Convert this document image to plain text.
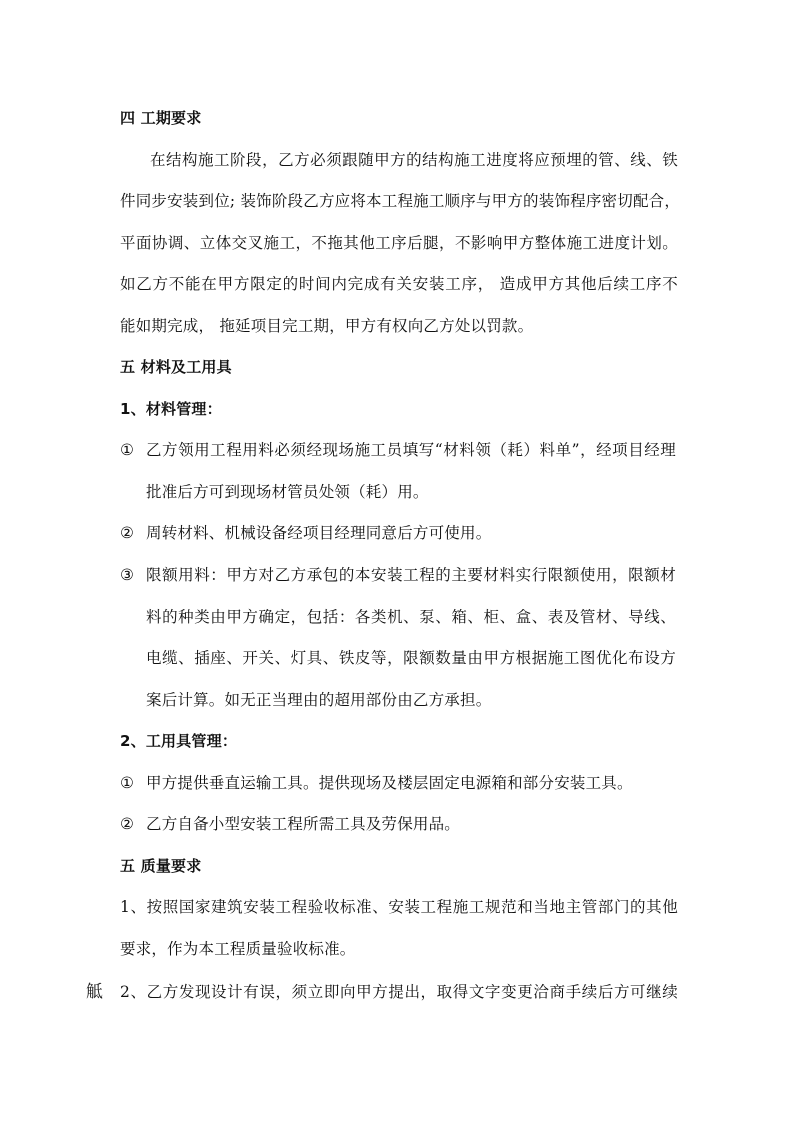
四 工期要求
在结构施工阶段，乙方必须跟随甲方的结构施工进度将应预埋的管、线、铁
件同步安装到位; 装饰阶段乙方应将本工程施工顺序与甲方的装饰程序密切配合，
平面协调、立体交叉施工，不拖其他工序后腿，不影响甲方整体施工进度计划。
如乙方不能在甲方限定的时间内完成有关安装工序， 造成甲方其他后续工序不
能如期完成， 拖延项目完工期，甲方有权向乙方处以罚款。
五 材料及工用具
1、材料管理：
① 乙方领用工程用料必须经现场施工员填写“材料领（耗）料单”，经项目经理
批准后方可到现场材管员处领（耗）用。
② 周转材料、机械设备经项目经理同意后方可使用。
③ 限额用料：甲方对乙方承包的本安装工程的主要材料实行限额使用，限额材
料的种类由甲方确定，包括：各类机、泵、箱、柜、盒、表及管材、导线、
电缆、插座、开关、灯具、铁皮等，限额数量由甲方根据施工图优化布设方
案后计算。如无正当理由的超用部份由乙方承担。
2、工用具管理：
① 甲方提供垂直运输工具。提供现场及楼层固定电源箱和部分安装工具。
② 乙方自备小型安装工程所需工具及劳保用品。
五 质量要求
1、按照国家建筑安装工程验收标准、安装工程施工规范和当地主管部门的其他
要求，作为本工程质量验收标准。
觝 2、乙方发现设计有误，须立即向甲方提出，取得文字变更洽商手续后方可继续
